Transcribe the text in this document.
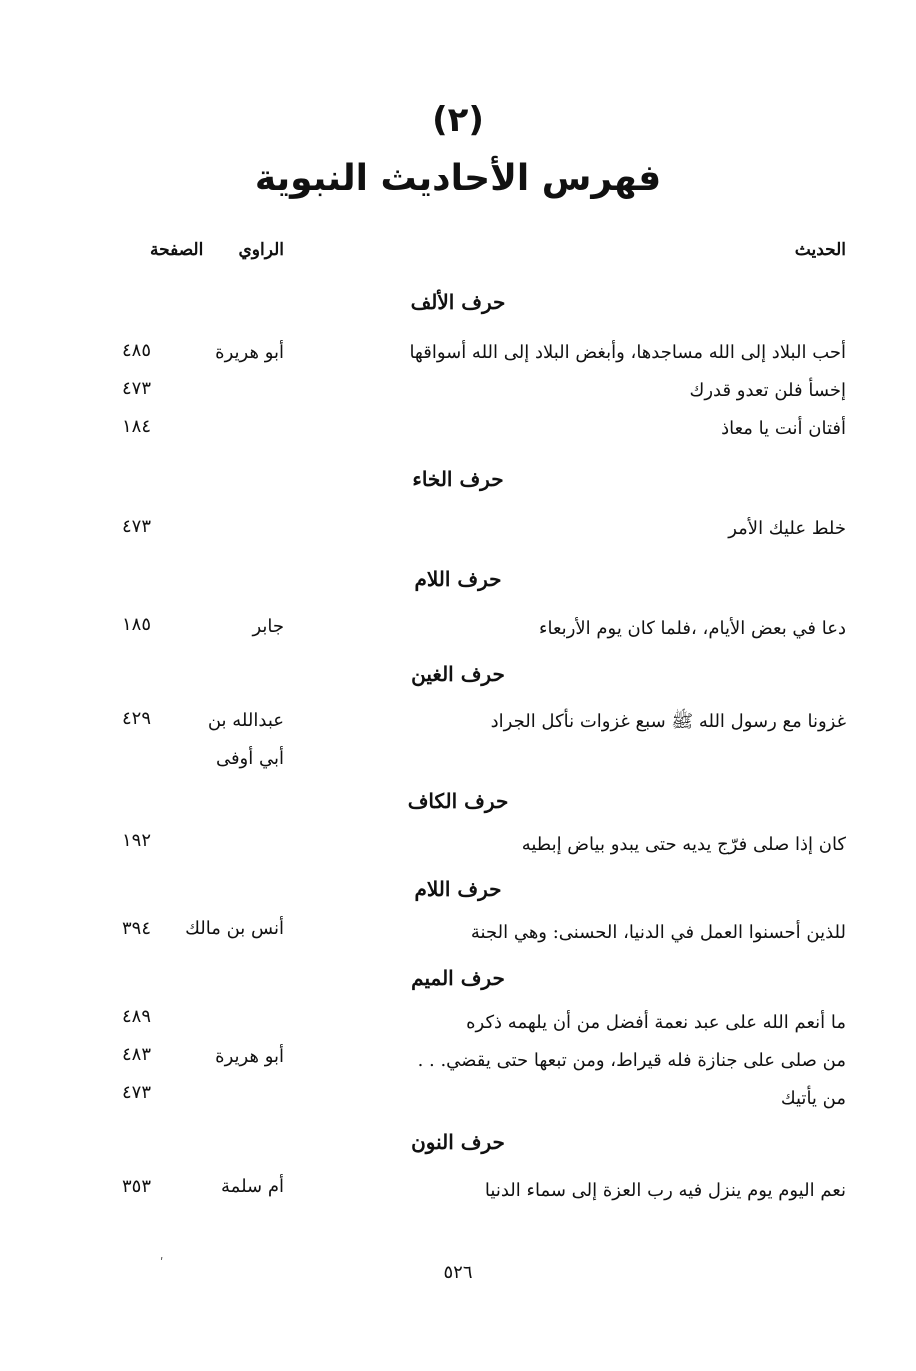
(٢)
فهرس الأحاديث النبوية
الحديث
الراوي
الصفحة
حرف الألف
أحب البلاد إلى الله مساجدها، وأبغض البلاد إلى الله أسواقها
أبو هريرة
٤٨٥
إخسأ فلن تعدو قدرك
٤٧٣
أفتان أنت يا معاذ
١٨٤
حرف الخاء
خلط عليك الأمر
٤٧٣
حرف اللام
دعا في بعض الأيام، ،فلما كان يوم الأربعاء
جابر
١٨٥
حرف الغين
غزونا مع رسول الله ﷺ سبع غزوات نأكل الجراد
عبدالله بن
أبي أوفى
٤٢٩
حرف الكاف
كان إذا صلى فرّج يديه حتى يبدو بياض إبطيه
١٩٢
حرف اللام
للذين أحسنوا العمل في الدنيا، الحسنى: وهي الجنة
أنس بن مالك
٣٩٤
حرف الميم
ما أنعم الله على عبد نعمة أفضل من أن يلهمه ذكره
٤٨٩
من صلى على جنازة فله قيراط، ومن تبعها حتى يقضي. . .
أبو هريرة
٤٨٣
من يأتيك
٤٧٣
حرف النون
نعم اليوم يوم ينزل فيه رب العزة إلى سماء الدنيا
أم سلمة
٣٥٣
ʹ	٥٢٦
